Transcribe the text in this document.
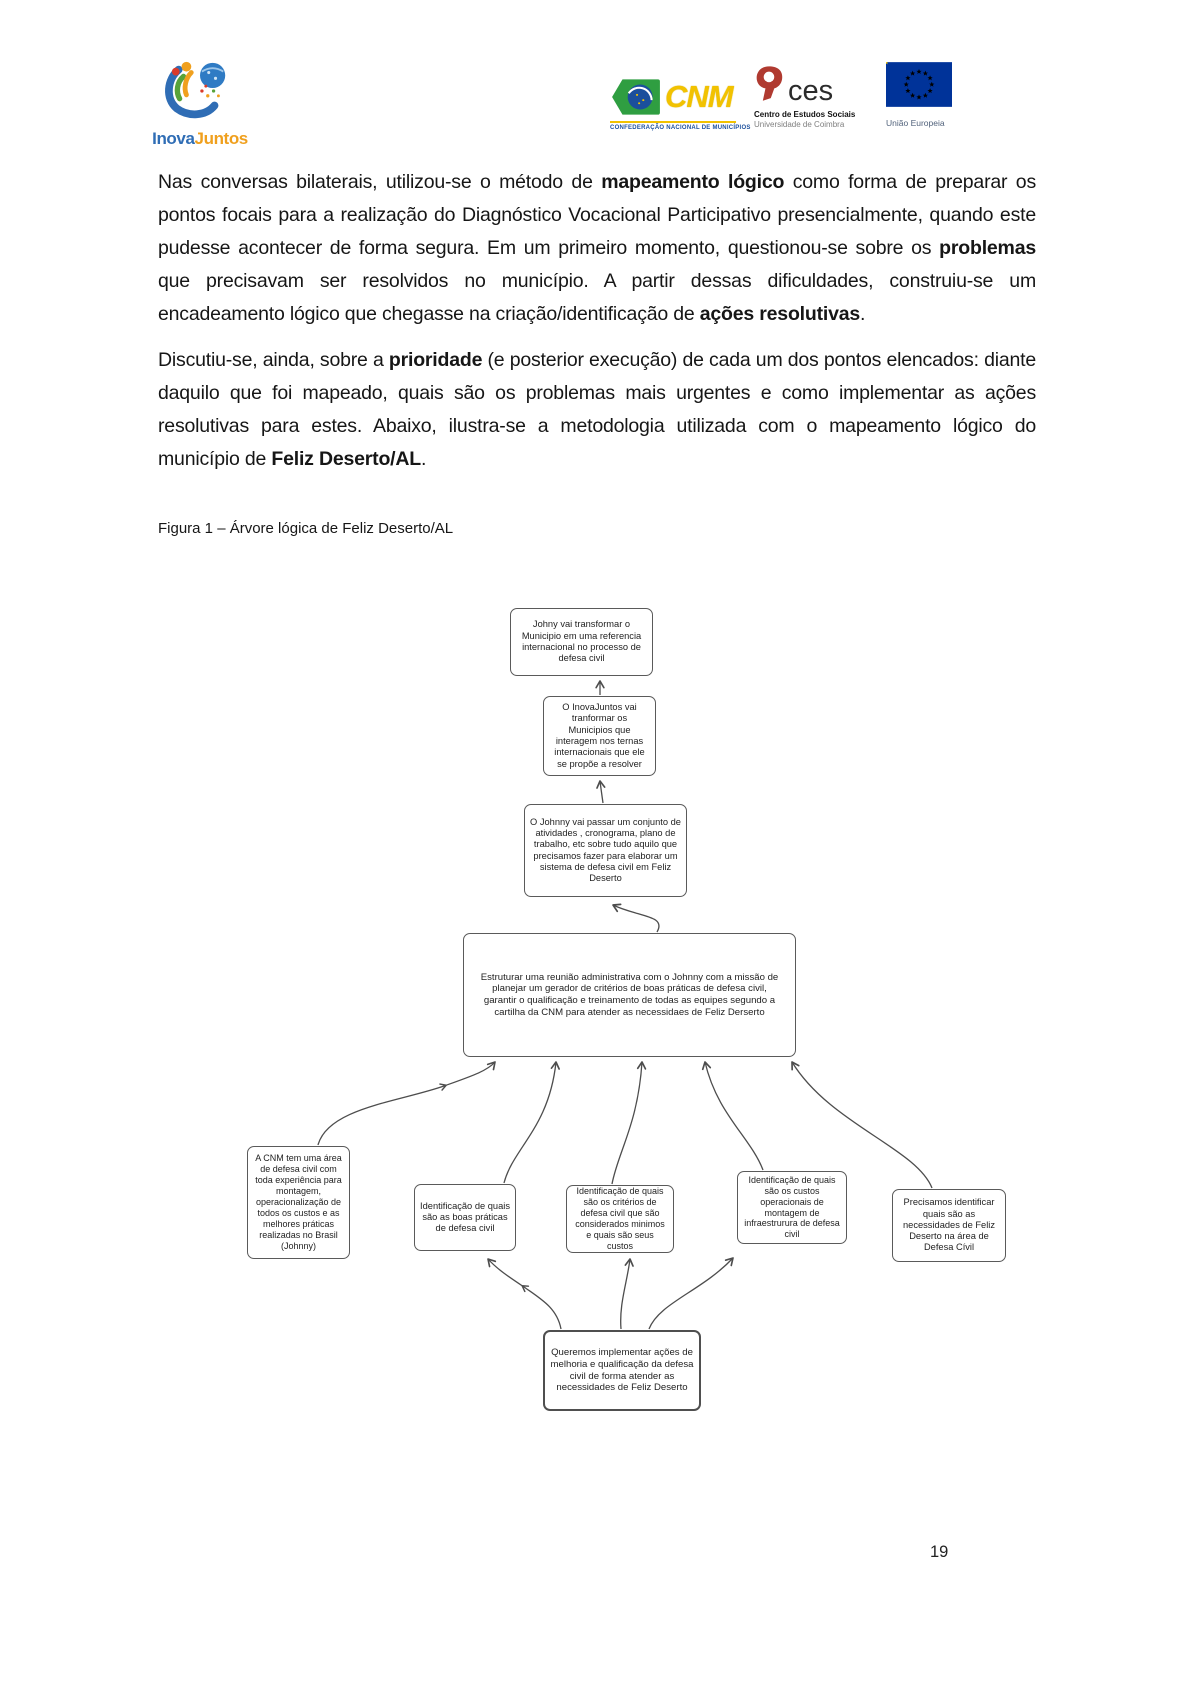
InovaJuntos
CNM
CONFEDERAÇÃO NACIONAL DE MUNICÍPIOS
ces
Centro de Estudos Sociais
Universidade de Coimbra	União Europeia

Nas conversas bilaterais, utilizou-se o método de mapeamento lógico como forma de preparar os pontos focais para a realização do Diagnóstico Vocacional Participativo presencialmente, quando este pudesse acontecer de forma segura. Em um primeiro momento, questionou-se sobre os problemas que precisavam ser resolvidos no município. A partir dessas dificuldades, construiu-se um encadeamento lógico que chegasse na criação/identificação de ações resolutivas.

Discutiu-se, ainda, sobre a prioridade (e posterior execução) de cada um dos pontos elencados: diante daquilo que foi mapeado, quais são os problemas mais urgentes e como implementar as ações resolutivas para estes. Abaixo, ilustra-se a metodologia utilizada com o mapeamento lógico do município de Feliz Deserto/AL.

Figura 1 – Árvore lógica de Feliz Deserto/AL
Johny vai transformar o Municipio em uma referencia internacional no processo de defesa civil
O InovaJuntos vai tranformar os Municipios que interagem nos ternas internacionais que ele se propõe a resolver
O Johnny vai passar um conjunto de atividades , cronograma, plano de trabalho, etc sobre tudo aquilo que precisamos fazer para elaborar um sistema de defesa civil em Feliz Deserto
Estruturar uma reunião administrativa com o Johnny com a missão de planejar um gerador de critérios de boas práticas de defesa civil, garantir o qualificação e treinamento de todas as equipes segundo a cartilha da CNM para atender as necessidaes de Feliz Derserto
A CNM tem uma área de defesa civil com toda experiência para montagem, operacionalização de todos os custos e as melhores práticas realizadas no Brasil (Johnny)
Identificação de quais são as boas práticas de defesa civil
Identificação de quais são os critérios de defesa civil que são considerados minimos e quais são seus custos
Identificação de quais são os custos operacionais de montagem de infraestrurura de defesa civil
Precisamos identificar quais são as necessidades de Feliz Deserto na área de Defesa Cívil
Queremos implementar ações de melhoria e qualificação da defesa civil de forma atender as necessidades de Feliz Deserto
19
